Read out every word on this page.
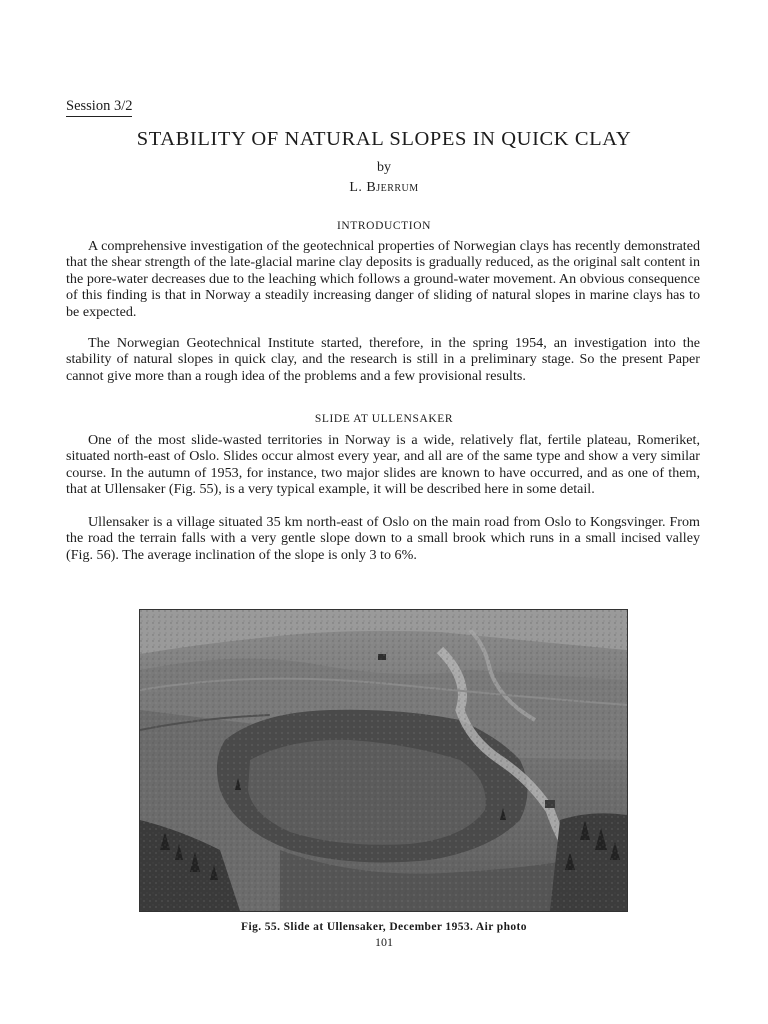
Session 3/2
STABILITY OF NATURAL SLOPES IN QUICK CLAY
by
L. Bjerrum
INTRODUCTION

A comprehensive investigation of the geotechnical properties of Norwegian clays has recently demonstrated that the shear strength of the late-glacial marine clay deposits is gradually reduced, as the original salt content in the pore-water decreases due to the leaching which follows a ground-water movement. An obvious consequence of this finding is that in Norway a steadily increasing danger of sliding of natural slopes in marine clays has to be expected.

The Norwegian Geotechnical Institute started, therefore, in the spring 1954, an investigation into the stability of natural slopes in quick clay, and the research is still in a preliminary stage. So the present Paper cannot give more than a rough idea of the problems and a few provisional results.

SLIDE AT ULLENSAKER

One of the most slide-wasted territories in Norway is a wide, relatively flat, fertile plateau, Romeriket, situated north-east of Oslo. Slides occur almost every year, and all are of the same type and show a very similar course. In the autumn of 1953, for instance, two major slides are known to have occurred, and as one of them, that at Ullensaker (Fig. 55), is a very typical example, it will be described here in some detail.

Ullensaker is a village situated 35 km north-east of Oslo on the main road from Oslo to Kongsvinger. From the road the terrain falls with a very gentle slope down to a small brook which runs in a small incised valley (Fig. 56). The average inclination of the slope is only 3 to 6%.

Fig. 55. Slide at Ullensaker, December 1953. Air photo
101
